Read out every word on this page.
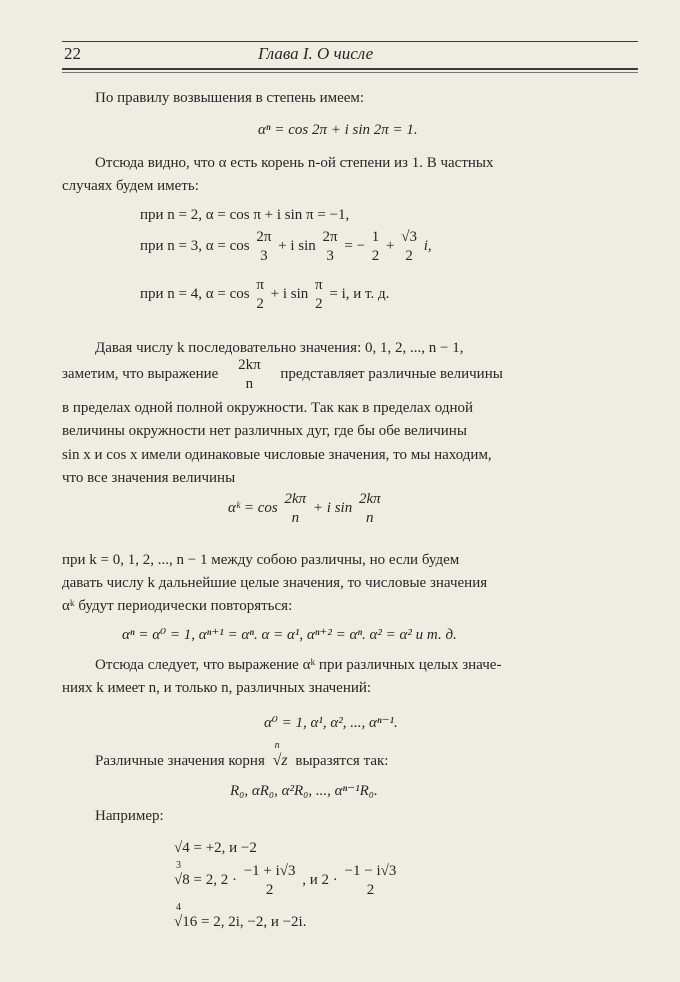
22	Глава I. О числе
По правилу возвышения в степень имеем:
αⁿ = cos 2π + i sin 2π = 1.
Отсюда видно, что α есть корень n-ой степени из 1. В частных
случаях будем иметь:
при n = 2, α = cos π + i sin π = −1,
при n = 3, α = cos
2π
3
+ i sin
2π
3
= −
1
2
+
√3
2
i,
при n = 4, α = cos
π
2
+ i sin
π
2
= i, и т. д.
Давая числу k последовательно значения: 0, 1, 2, ..., n − 1,
заметим, что выражение
2kπ
n
представляет различные величины
в пределах одной полной окружности. Так как в пределах одной
величины окружности нет различных дуг, где бы обе величины
sin x и cos x имели одинаковые числовые значения, то мы находим,
что все значения величины
αᵏ = cos
2kπ
n
+ i sin
2kπ
n
при k = 0, 1, 2, ..., n − 1 между собою различны, но если будем
давать числу k дальнейшие целые значения, то числовые значения
αᵏ будут периодически повторяться:
αⁿ = α⁰ = 1, αⁿ⁺¹ = αⁿ. α = α¹, αⁿ⁺² = αⁿ. α² = α² и т. д.
Отсюда следует, что выражение αᵏ при различных целых значе-
ниях k имеет n, и только n, различных значений:
α⁰ = 1, α¹, α², ..., αⁿ⁻¹.
Различные значения корня
n
√z выразятся так:
R₀, αR₀, α²R₀, ..., αⁿ⁻¹R₀.
Например:
√4 = +2, и −2
3
√8 = 2, 2 ·
−1 + i√3
2
, и 2 ·
−1 − i√3
2
4
√16 = 2, 2i, −2, и −2i.
